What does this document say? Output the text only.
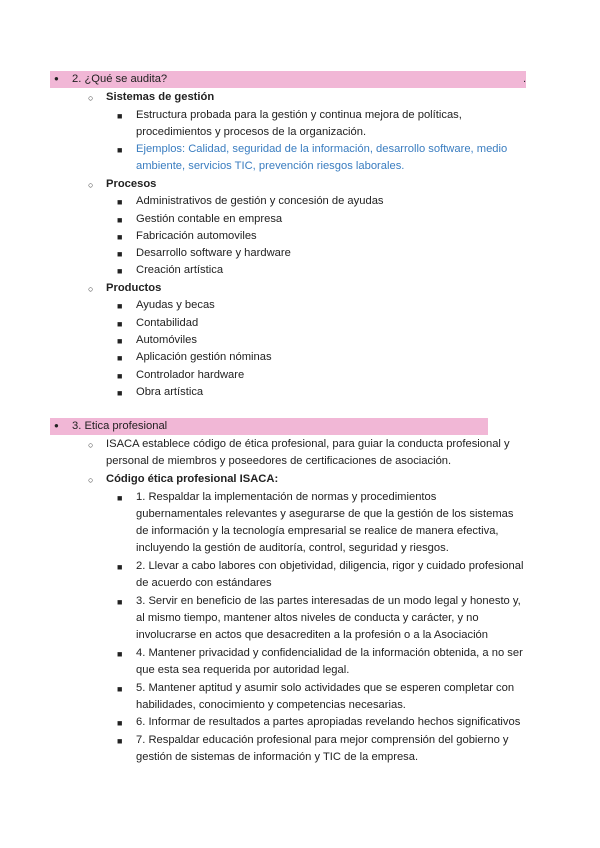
● 2. ¿Qué se audita?	.
○ Sistemas de gestión
■ Estructura probada para la gestión y continua mejora de políticas,
procedimientos y procesos de la organización.
■ Ejemplos: Calidad, seguridad de la información, desarrollo software, medio
ambiente, servicios TIC, prevención riesgos laborales.
○ Procesos
■ Administrativos de gestión y concesión de ayudas
■ Gestión contable en empresa
■ Fabricación automoviles
■ Desarrollo software y hardware
■ Creación artística
○ Productos
■ Ayudas y becas
■ Contabilidad
■ Automóviles
■ Aplicación gestión nóminas
■ Controlador hardware
■ Obra artística
● 3. Etica profesional
○ ISACA establece código de ética profesional, para guiar la conducta profesional y
personal de miembros y poseedores de certificaciones de asociación.
○ Código ética profesional ISACA:
■ 1. Respaldar la implementación de normas y procedimientos
gubernamentales relevantes y asegurarse de que la gestión de los sistemas
de información y la tecnología empresarial se realice de manera efectiva,
incluyendo la gestión de auditoría, control, seguridad y riesgos.
■ 2. Llevar a cabo labores con objetividad, diligencia, rigor y cuidado profesional
de acuerdo con estándares
■ 3. Servir en beneficio de las partes interesadas de un modo legal y honesto y,
al mismo tiempo, mantener altos niveles de conducta y carácter, y no
involucrarse en actos que desacrediten a la profesión o a la Asociación
■ 4. Mantener privacidad y confidencialidad de la información obtenida, a no ser
que esta sea requerida por autoridad legal.
■ 5. Mantener aptitud y asumir solo actividades que se esperen completar con
habilidades, conocimiento y competencias necesarias.
■ 6. Informar de resultados a partes apropiadas revelando hechos significativos
■ 7. Respaldar educación profesional para mejor comprensión del gobierno y
gestión de sistemas de información y TIC de la empresa.
